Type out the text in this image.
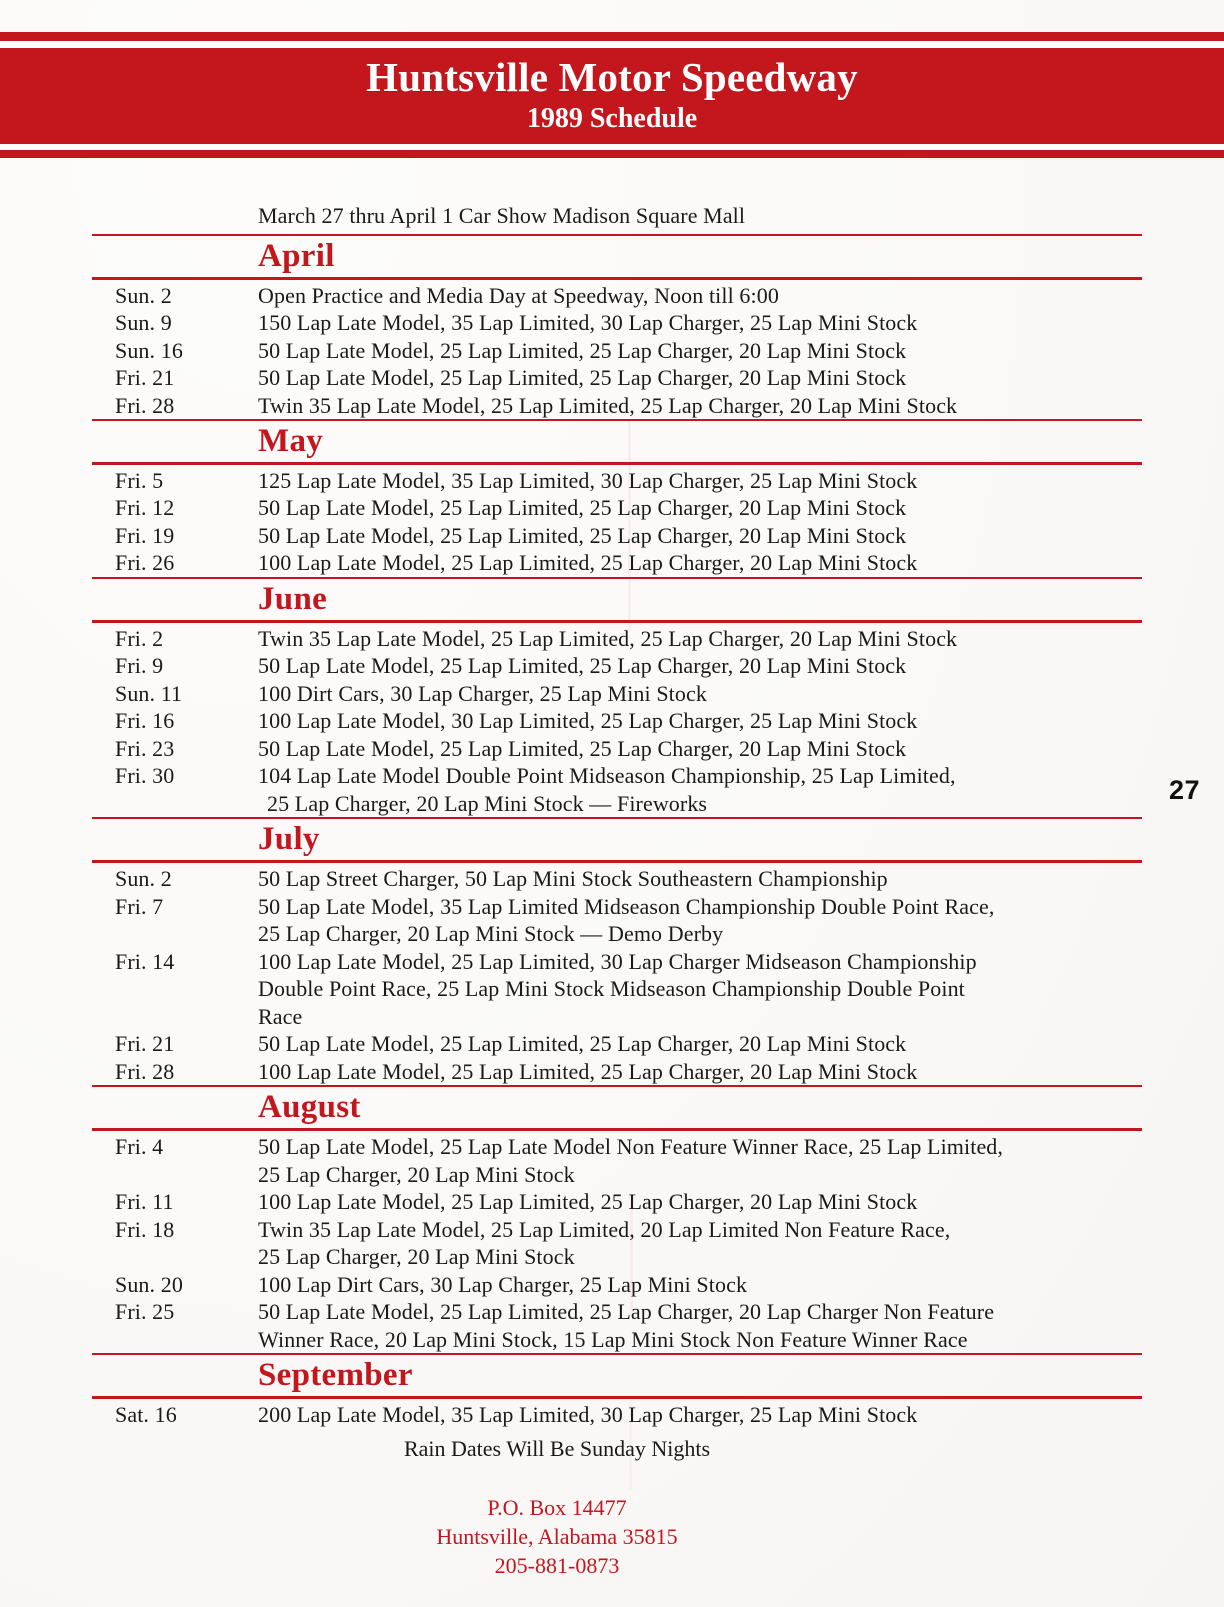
Huntsville Motor Speedway
1989 Schedule
March 27 thru April 1 Car Show Madison Square Mall
April
Sun. 2	Open Practice and Media Day at Speedway, Noon till 6:00
Sun. 9	150 Lap Late Model, 35 Lap Limited, 30 Lap Charger, 25 Lap Mini Stock
Sun. 16	50 Lap Late Model, 25 Lap Limited, 25 Lap Charger, 20 Lap Mini Stock
Fri. 21	50 Lap Late Model, 25 Lap Limited, 25 Lap Charger, 20 Lap Mini Stock
Fri. 28	Twin 35 Lap Late Model, 25 Lap Limited, 25 Lap Charger, 20 Lap Mini Stock
May
Fri. 5	125 Lap Late Model, 35 Lap Limited, 30 Lap Charger, 25 Lap Mini Stock
Fri. 12	50 Lap Late Model, 25 Lap Limited, 25 Lap Charger, 20 Lap Mini Stock
Fri. 19	50 Lap Late Model, 25 Lap Limited, 25 Lap Charger, 20 Lap Mini Stock
Fri. 26	100 Lap Late Model, 25 Lap Limited, 25 Lap Charger, 20 Lap Mini Stock
June
Fri. 2	Twin 35 Lap Late Model, 25 Lap Limited, 25 Lap Charger, 20 Lap Mini Stock
Fri. 9	50 Lap Late Model, 25 Lap Limited, 25 Lap Charger, 20 Lap Mini Stock
Sun. 11	100 Dirt Cars, 30 Lap Charger, 25 Lap Mini Stock
Fri. 16	100 Lap Late Model, 30 Lap Limited, 25 Lap Charger, 25 Lap Mini Stock
Fri. 23	50 Lap Late Model, 25 Lap Limited, 25 Lap Charger, 20 Lap Mini Stock
Fri. 30	104 Lap Late Model Double Point Midseason Championship, 25 Lap Limited,
25 Lap Charger, 20 Lap Mini Stock — Fireworks
July
Sun. 2	50 Lap Street Charger, 50 Lap Mini Stock Southeastern Championship
Fri. 7	50 Lap Late Model, 35 Lap Limited Midseason Championship Double Point Race,
25 Lap Charger, 20 Lap Mini Stock — Demo Derby
Fri. 14	100 Lap Late Model, 25 Lap Limited, 30 Lap Charger Midseason Championship
Double Point Race, 25 Lap Mini Stock Midseason Championship Double Point
Race
Fri. 21	50 Lap Late Model, 25 Lap Limited, 25 Lap Charger, 20 Lap Mini Stock
Fri. 28	100 Lap Late Model, 25 Lap Limited, 25 Lap Charger, 20 Lap Mini Stock
August
Fri. 4	50 Lap Late Model, 25 Lap Late Model Non Feature Winner Race, 25 Lap Limited,
25 Lap Charger, 20 Lap Mini Stock
Fri. 11	100 Lap Late Model, 25 Lap Limited, 25 Lap Charger, 20 Lap Mini Stock
Fri. 18	Twin 35 Lap Late Model, 25 Lap Limited, 20 Lap Limited Non Feature Race,
25 Lap Charger, 20 Lap Mini Stock
Sun. 20	100 Lap Dirt Cars, 30 Lap Charger, 25 Lap Mini Stock
Fri. 25	50 Lap Late Model, 25 Lap Limited, 25 Lap Charger, 20 Lap Charger Non Feature
Winner Race, 20 Lap Mini Stock, 15 Lap Mini Stock Non Feature Winner Race
September
Sat. 16	200 Lap Late Model, 35 Lap Limited, 30 Lap Charger, 25 Lap Mini Stock
Rain Dates Will Be Sunday Nights
P.O. Box 14477
Huntsville, Alabama 35815
205-881-0873
27
